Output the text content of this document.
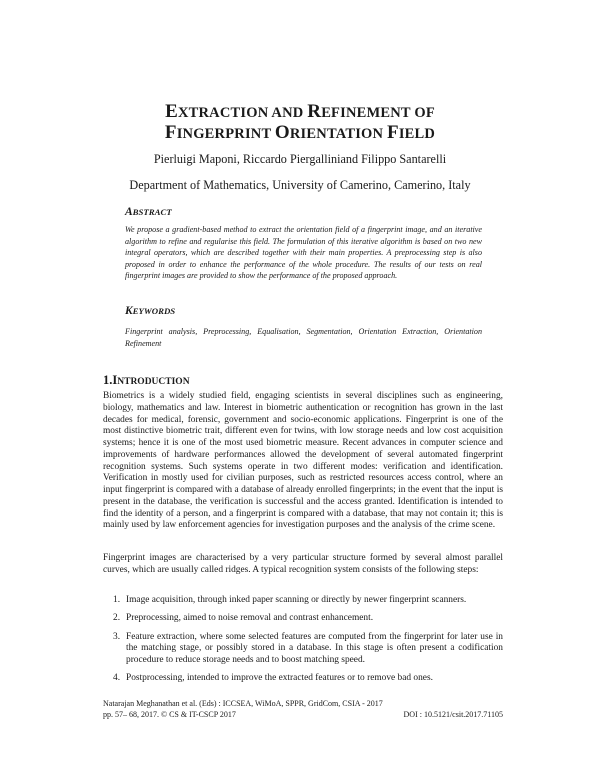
EXTRACTION AND REFINEMENT OF
FINGERPRINT ORIENTATION FIELD
Pierluigi Maponi, Riccardo Piergalliniand Filippo Santarelli
Department of Mathematics, University of Camerino, Camerino, Italy
ABSTRACT

We propose a gradient-based method to extract the orientation field of a fingerprint image, and an iterative algorithm to refine and regularise this field. The formulation of this iterative algorithm is based on two new integral operators, which are described together with their main properties. A preprocessing step is also proposed in order to enhance the performance of the whole procedure. The results of our tests on real fingerprint images are provided to show the performance of the proposed approach.

KEYWORDS

Fingerprint analysis, Preprocessing, Equalisation, Segmentation, Orientation Extraction, Orientation Refinement

1.INTRODUCTION

Biometrics is a widely studied field, engaging scientists in several disciplines such as engineering, biology, mathematics and law. Interest in biometric authentication or recognition has grown in the last decades for medical, forensic, government and socio-economic applications. Fingerprint is one of the most distinctive biometric trait, different even for twins, with low storage needs and low cost acquisition systems; hence it is one of the most used biometric measure. Recent advances in computer science and improvements of hardware performances allowed the development of several automated fingerprint recognition systems. Such systems operate in two different modes: verification and identification. Verification in mostly used for civilian purposes, such as restricted resources access control, where an input fingerprint is compared with a database of already enrolled fingerprints; in the event that the input is present in the database, the verification is successful and the access granted. Identification is intended to find the identity of a person, and a fingerprint is compared with a database, that may not contain it; this is mainly used by law enforcement agencies for investigation purposes and the analysis of the crime scene.

Fingerprint images are characterised by a very particular structure formed by several almost parallel curves, which are usually called ridges. A typical recognition system consists of the following steps:

1. Image acquisition, through inked paper scanning or directly by newer fingerprint scanners.
2. Preprocessing, aimed to noise removal and contrast enhancement.
3. Feature extraction, where some selected features are computed from the fingerprint for later use in the matching stage, or possibly stored in a database. In this stage is often present a codification procedure to reduce storage needs and to boost matching speed.
4. Postprocessing, intended to improve the extracted features or to remove bad ones.
Natarajan Meghanathan et al. (Eds) : ICCSEA, WiMoA, SPPR, GridCom, CSIA - 2017
pp. 57– 68, 2017. © CS & IT-CSCP 2017	DOI : 10.5121/csit.2017.71105
